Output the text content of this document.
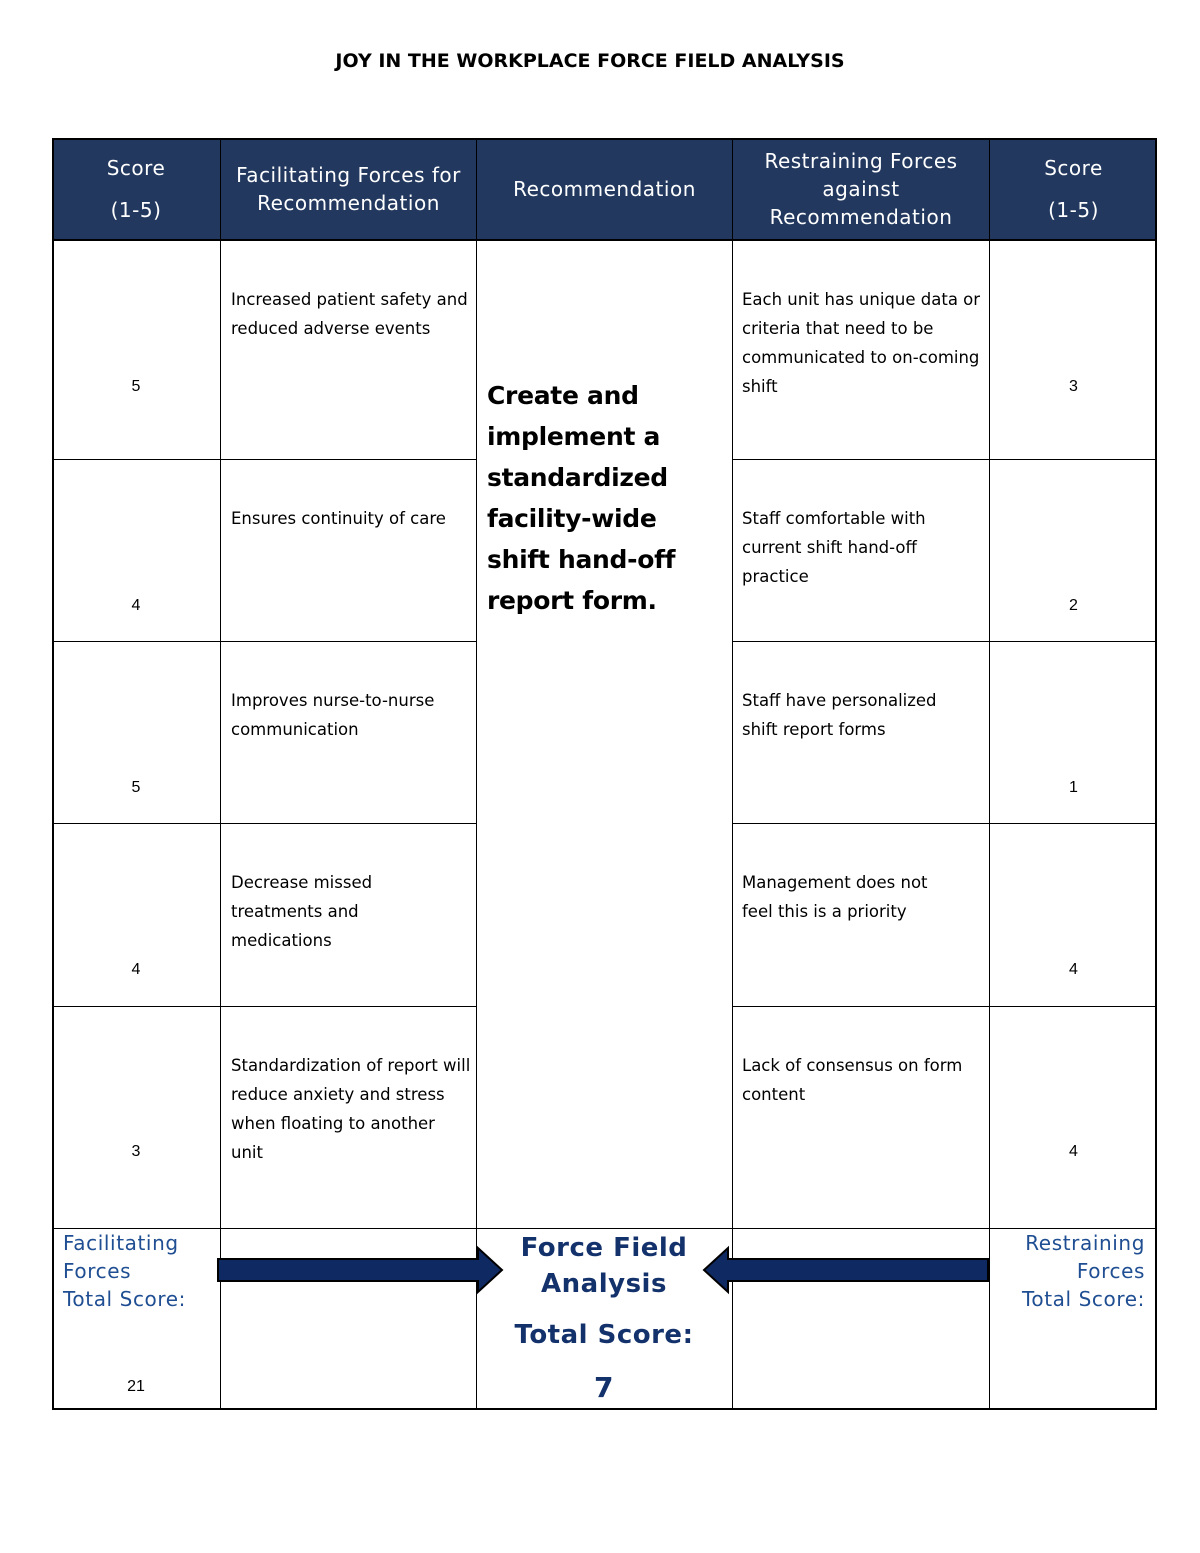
JOY IN THE WORKPLACE FORCE FIELD ANALYSIS
Score
(1-5)
Facilitating Forces for Recommendation
Recommendation
Restraining Forces against Recommendation
Score
(1-5)
5
Increased patient safety and reduced adverse events
Each unit has unique data or criteria that need to be communicated to on-coming shift	3
4
Ensures continuity of care	Staff comfortable with current shift hand-off practice
2
5
Improves nurse-to-nurse communication
Staff have personalized shift report forms
1
4
Decrease missed treatments and medications
Management does not feel this is a priority
4
3
Standardization of report will reduce anxiety and stress when floating to another unit
Lack of consensus on form content
4
Facilitating
Forces
Total Score:
21
Restraining
Forces
Total Score:
Create and implement a standardized facility-wide shift hand-off report form.
Force Field
Analysis
Total Score:
7
